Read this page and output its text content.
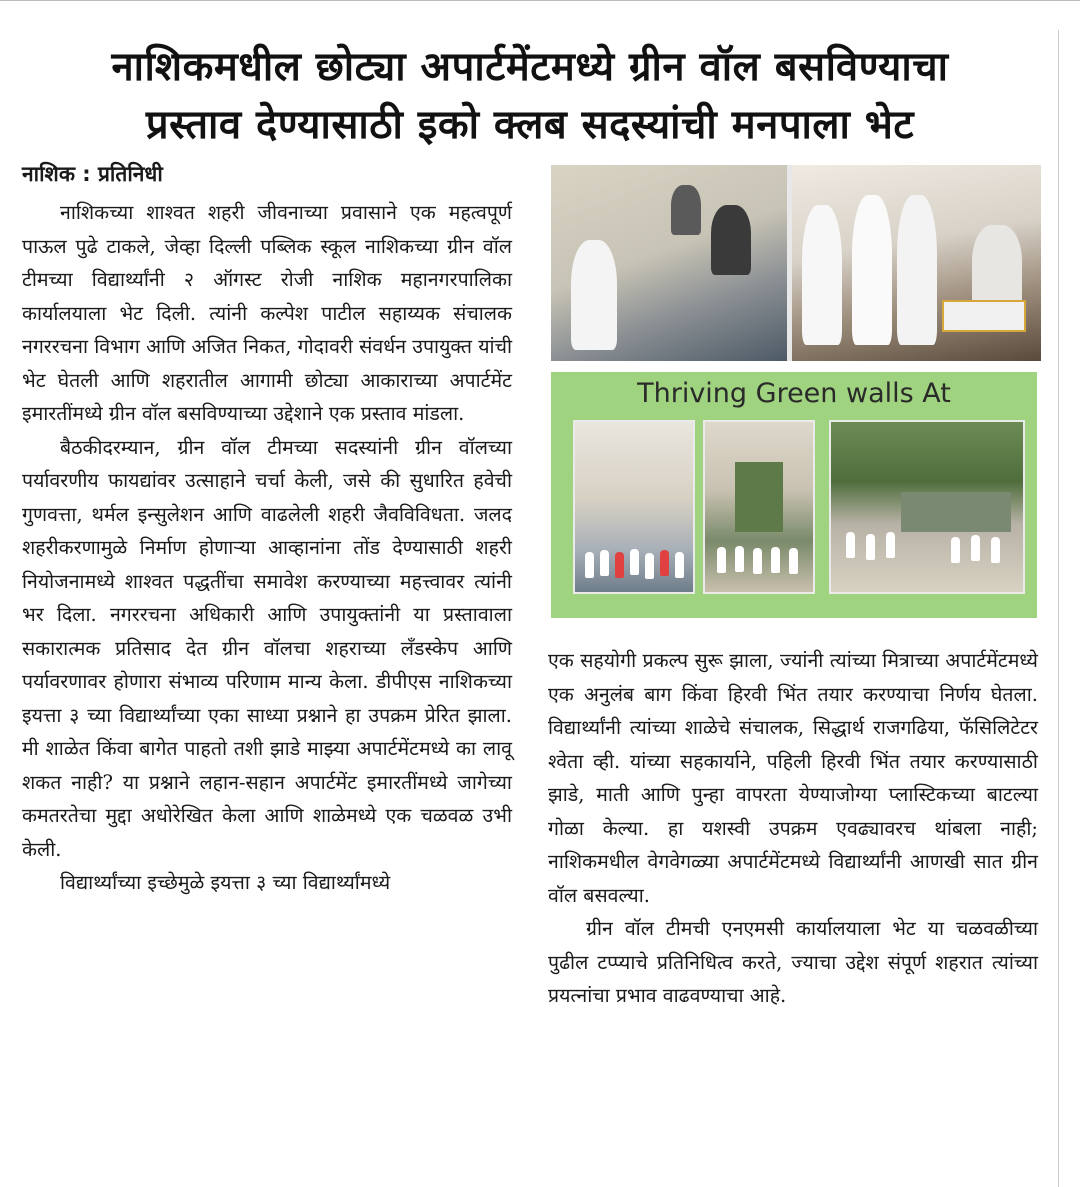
नाशिकमधील छोट्या अपार्टमेंटमध्ये ग्रीन वॉल बसविण्याचा
प्रस्ताव देण्यासाठी इको क्लब सदस्यांची मनपाला भेट
नाशिक : प्रतिनिधी

नाशिकच्या शाश्वत शहरी जीवनाच्या प्रवासाने एक महत्वपूर्ण पाऊल पुढे टाकले, जेव्हा दिल्ली पब्लिक स्कूल नाशिकच्या ग्रीन वॉल टीमच्या विद्यार्थ्यांनी २ ऑगस्ट रोजी नाशिक महानगरपालिका कार्यालयाला भेट दिली. त्यांनी कल्पेश पाटील सहाय्यक संचालक नगररचना विभाग आणि अजित निकत, गोदावरी संवर्धन उपायुक्त यांची भेट घेतली आणि शहरातील आगामी छोट्या आकाराच्या अपार्टमेंट इमारतींमध्ये ग्रीन वॉल बसविण्याच्या उद्देशाने एक प्रस्ताव मांडला.

बैठकीदरम्यान, ग्रीन वॉल टीमच्या सदस्यांनी ग्रीन वॉलच्या पर्यावरणीय फायद्यांवर उत्साहाने चर्चा केली, जसे की सुधारित हवेची गुणवत्ता, थर्मल इन्सुलेशन आणि वाढलेली शहरी जैवविविधता. जलद शहरीकरणामुळे निर्माण होणाऱ्या आव्हानांना तोंड देण्यासाठी शहरी नियोजनामध्ये शाश्वत पद्धतींचा समावेश करण्याच्या महत्त्वावर त्यांनी भर दिला. नगररचना अधिकारी आणि उपायुक्तांनी या प्रस्तावाला सकारात्मक प्रतिसाद देत ग्रीन वॉलचा शहराच्या लँडस्केप आणि पर्यावरणावर होणारा संभाव्य परिणाम मान्य केला. डीपीएस नाशिकच्या इयत्ता ३ च्या विद्यार्थ्यांच्या एका साध्या प्रश्नाने हा उपक्रम प्रेरित झाला. मी शाळेत किंवा बागेत पाहतो तशी झाडे माझ्या अपार्टमेंटमध्ये का लावू शकत नाही? या प्रश्नाने लहान-सहान अपार्टमेंट इमारतींमध्ये जागेच्या कमतरतेचा मुद्दा अधोरेखित केला आणि शाळेमध्ये एक चळवळ उभी केली.

विद्यार्थ्यांच्या इच्छेमुळे इयत्ता ३ च्या विद्यार्थ्यांमध्ये

Thriving Green walls At

एक सहयोगी प्रकल्प सुरू झाला, ज्यांनी त्यांच्या मित्राच्या अपार्टमेंटमध्ये एक अनुलंब बाग किंवा हिरवी भिंत तयार करण्याचा निर्णय घेतला. विद्यार्थ्यांनी त्यांच्या शाळेचे संचालक, सिद्धार्थ राजगढिया, फॅसिलिटेटर श्वेता व्ही. यांच्या सहकार्याने, पहिली हिरवी भिंत तयार करण्यासाठी झाडे, माती आणि पुन्हा वापरता येण्याजोग्या प्लास्टिकच्या बाटल्या गोळा केल्या. हा यशस्वी उपक्रम एवढ्यावरच थांबला नाही; नाशिकमधील वेगवेगळ्या अपार्टमेंटमध्ये विद्यार्थ्यांनी आणखी सात ग्रीन वॉल बसवल्या.

ग्रीन वॉल टीमची एनएमसी कार्यालयाला भेट या चळवळीच्या पुढील टप्प्याचे प्रतिनिधित्व करते, ज्याचा उद्देश संपूर्ण शहरात त्यांच्या प्रयत्नांचा प्रभाव वाढवण्याचा आहे.
